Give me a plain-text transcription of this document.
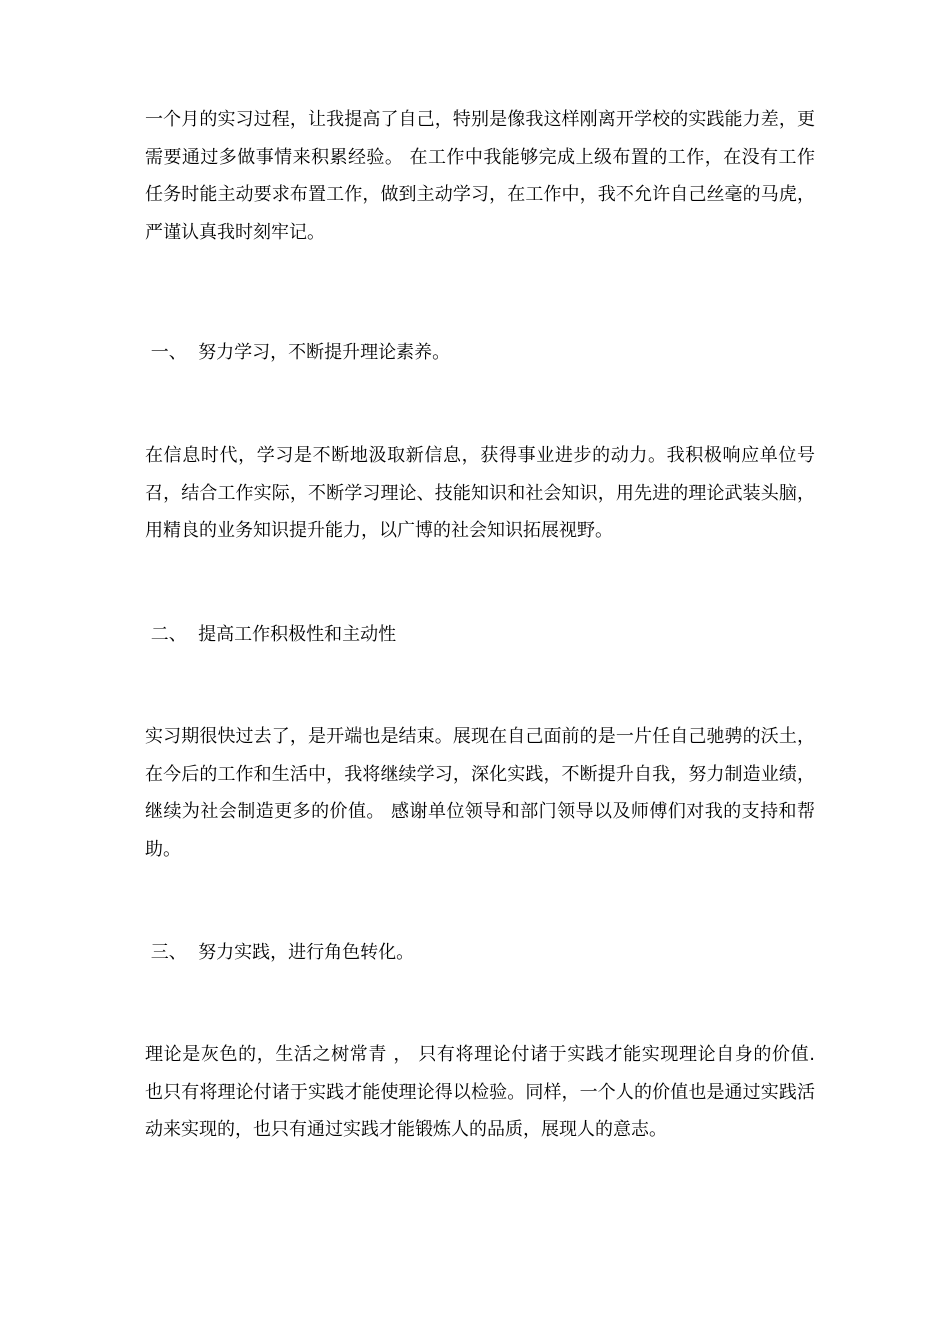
一个月的实习过程，让我提高了自己，特别是像我这样刚离开学校的实践能力差，更需要通过多做事情来积累经验。 在工作中我能够完成上级布置的工作，在没有工作任务时能主动要求布置工作，做到主动学习，在工作中，我不允许自己丝毫的马虎，严谨认真我时刻牢记。

一、  努力学习，不断提升理论素养。

在信息时代，学习是不断地汲取新信息，获得事业进步的动力。我积极响应单位号召，结合工作实际，不断学习理论、技能知识和社会知识，用先进的理论武装头脑，用精良的业务知识提升能力，以广博的社会知识拓展视野。

二、  提高工作积极性和主动性

实习期很快过去了，是开端也是结束。展现在自己面前的是一片任自己驰骋的沃土，在今后的工作和生活中，我将继续学习，深化实践，不断提升自我，努力制造业绩，继续为社会制造更多的价值。 感谢单位领导和部门领导以及师傅们对我的支持和帮助。

三、  努力实践，进行角色转化。

理论是灰色的，生活之树常青 ， 只有将理论付诸于实践才能实现理论自身的价值. 也只有将理论付诸于实践才能使理论得以检验。同样，一个人的价值也是通过实践活动来实现的，也只有通过实践才能锻炼人的品质，展现人的意志。
